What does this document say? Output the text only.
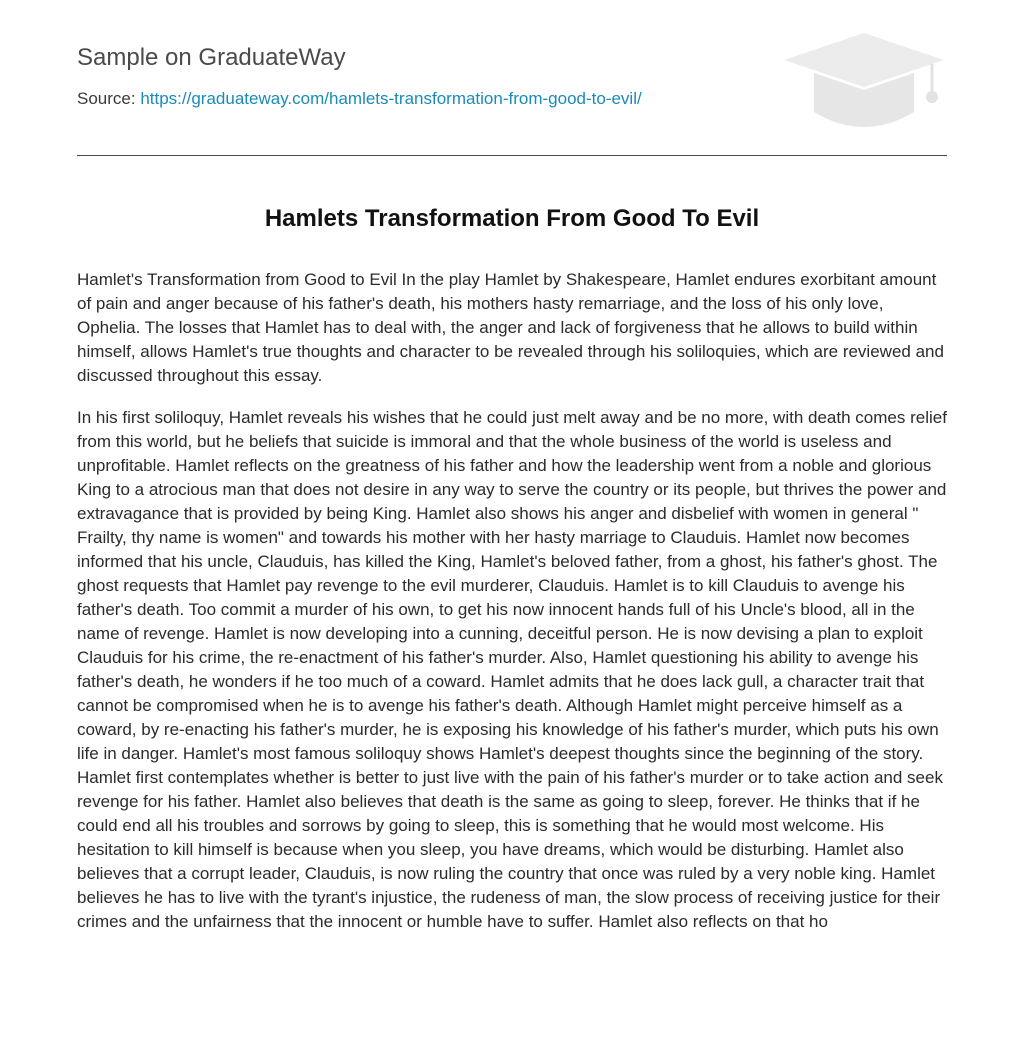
Sample on GraduateWay
Source: https://graduateway.com/hamlets-transformation-from-good-to-evil/
Hamlets Transformation From Good To Evil

Hamlet's Transformation from Good to Evil In the play Hamlet by Shakespeare, Hamlet endures exorbitant amount of pain and anger because of his father's death, his mothers hasty remarriage, and the loss of his only love, Ophelia. The losses that Hamlet has to deal with, the anger and lack of forgiveness that he allows to build within himself, allows Hamlet's true thoughts and character to be revealed through his soliloquies, which are reviewed and discussed throughout this essay.

In his first soliloquy, Hamlet reveals his wishes that he could just melt away and be no more, with death comes relief from this world, but he beliefs that suicide is immoral and that the whole business of the world is useless and unprofitable. Hamlet reflects on the greatness of his father and how the leadership went from a noble and glorious King to a atrocious man that does not desire in any way to serve the country or its people, but thrives the power and extravagance that is provided by being King. Hamlet also shows his anger and disbelief with women in general " Frailty, thy name is women" and towards his mother with her hasty marriage to Clauduis. Hamlet now becomes informed that his uncle, Clauduis, has killed the King, Hamlet's beloved father, from a ghost, his father's ghost. The ghost requests that Hamlet pay revenge to the evil murderer, Clauduis. Hamlet is to kill Clauduis to avenge his father's death. Too commit a murder of his own, to get his now innocent hands full of his Uncle's blood, all in the name of revenge. Hamlet is now developing into a cunning, deceitful person. He is now devising a plan to exploit Clauduis for his crime, the re-enactment of his father's murder. Also, Hamlet questioning his ability to avenge his father's death, he wonders if he too much of a coward. Hamlet admits that he does lack gull, a character trait that cannot be compromised when he is to avenge his father's death. Although Hamlet might perceive himself as a coward, by re-enacting his father's murder, he is exposing his knowledge of his father's murder, which puts his own life in danger. Hamlet's most famous soliloquy shows Hamlet's deepest thoughts since the beginning of the story. Hamlet first contemplates whether is better to just live with the pain of his father's murder or to take action and seek revenge for his father. Hamlet also believes that death is the same as going to sleep, forever. He thinks that if he could end all his troubles and sorrows by going to sleep, this is something that he would most welcome. His hesitation to kill himself is because when you sleep, you have dreams, which would be disturbing. Hamlet also believes that a corrupt leader, Clauduis, is now ruling the country that once was ruled by a very noble king. Hamlet believes he has to live with the tyrant's injustice, the rudeness of man, the slow process of receiving justice for their crimes and the unfairness that the innocent or humble have to suffer. Hamlet also reflects on that ho
